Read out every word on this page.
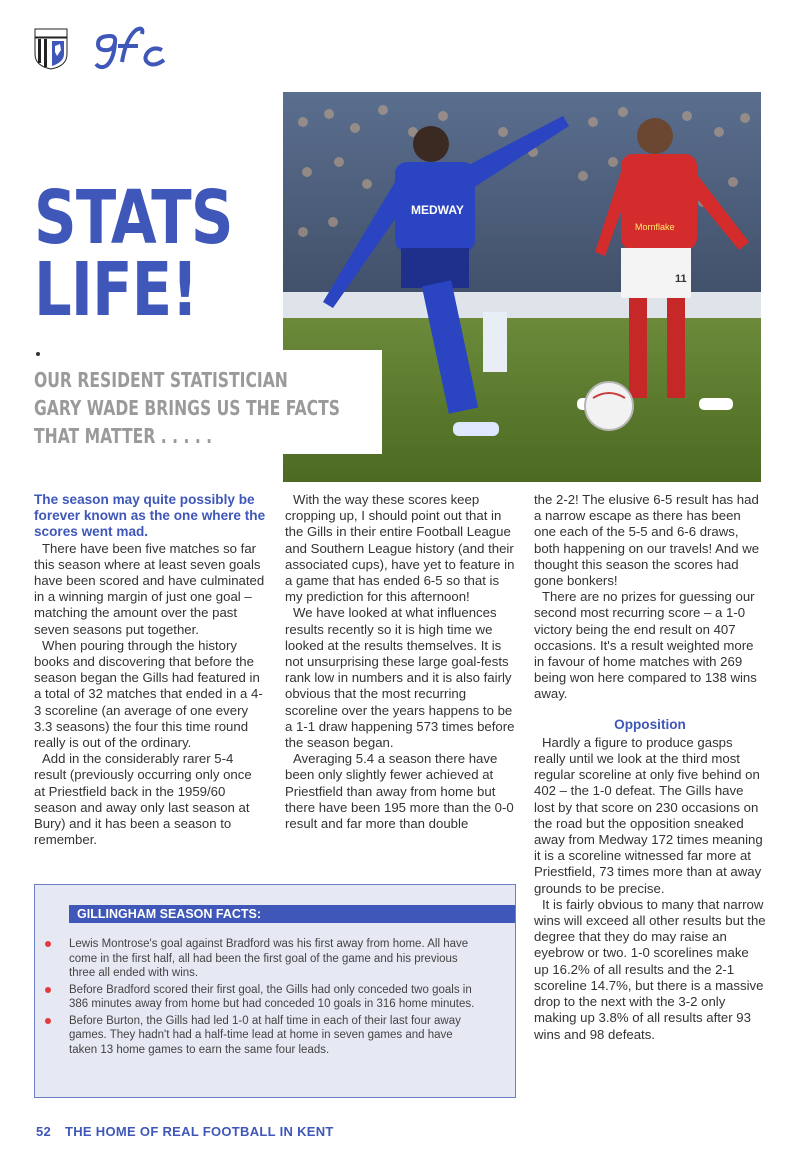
MEDWAY
Mornflake
11
STATS
LIFE!

OUR RESIDENT STATISTICIAN
GARY WADE BRINGS US THE FACTS
THAT MATTER . . . . .

The season may quite possibly be forever known as the one where the scores went mad.

There have been five matches so far this season where at least seven goals have been scored and have culminated in a winning margin of just one goal – matching the amount over the past seven seasons put together.

When pouring through the history books and discovering that before the season began the Gills had featured in a total of 32 matches that ended in a 4-3 scoreline (an average of one every 3.3 seasons) the four this time round really is out of the ordinary.

Add in the considerably rarer 5-4 result (previously occurring only once at Priestfield back in the 1959/60 season and away only last season at Bury) and it has been a season to remember.

With the way these scores keep cropping up, I should point out that in the Gills in their entire Football League and Southern League history (and their associated cups), have yet to feature in a game that has ended 6-5 so that is my prediction for this afternoon!

We have looked at what influences results recently so it is high time we looked at the results themselves. It is not unsurprising these large goal-fests rank low in numbers and it is also fairly obvious that the most recurring scoreline over the years happens to be a 1-1 draw happening 573 times before the season began.

Averaging 5.4 a season there have been only slightly fewer achieved at Priestfield than away from home but there have been 195 more than the 0-0 result and far more than double

the 2-2! The elusive 6-5 result has had a narrow escape as there has been one each of the 5-5 and 6-6 draws, both happening on our travels! And we thought this season the scores had gone bonkers!

There are no prizes for guessing our second most recurring score – a 1-0 victory being the end result on 407 occasions. It's a result weighted more in favour of home matches with 269 being won here compared to 138 wins away.

Opposition

Hardly a figure to produce gasps really until we look at the third most regular scoreline at only five behind on 402 – the 1-0 defeat. The Gills have lost by that score on 230 occasions on the road but the opposition sneaked away from Medway 172 times meaning it is a scoreline witnessed far more at Priestfield, 73 times more than at away grounds to be precise.

It is fairly obvious to many that narrow wins will exceed all other results but the degree that they do may raise an eyebrow or two. 1-0 scorelines make up 16.2% of all results and the 2-1 scoreline 14.7%, but there is a massive drop to the next with the 3-2 only making up 3.8% of all results after 93 wins and 98 defeats.

GILLINGHAM SEASON FACTS:
Lewis Montrose's goal against Bradford was his first away from home. All have come in the first half, all had been the first goal of the game and his previous three all ended with wins.
Before Bradford scored their first goal, the Gills had only conceded two goals in 386 minutes away from home but had conceded 10 goals in 316 home minutes.
Before Burton, the Gills had led 1-0 at half time in each of their last four away games. They hadn't had a half-time lead at home in seven games and have taken 13 home games to earn the same four leads.
52 THE HOME OF REAL FOOTBALL IN KENT
